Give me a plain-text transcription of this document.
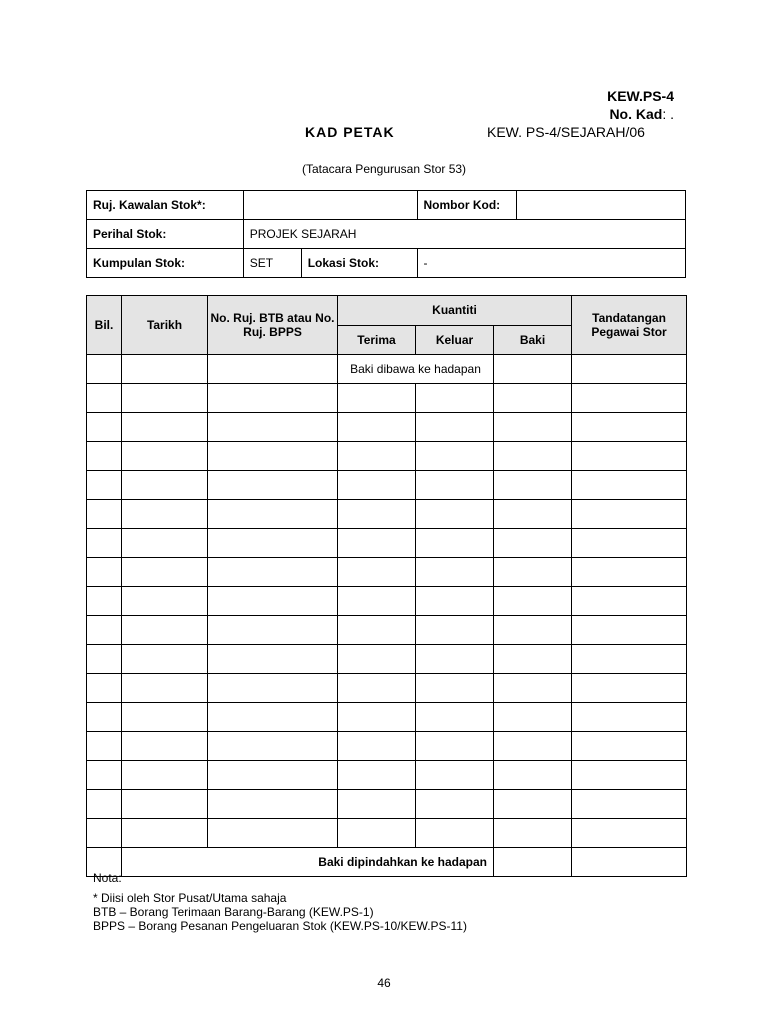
KEW.PS-4
No. Kad: .
KAD PETAK	KEW. PS-4/SEJARAH/06
(Tatacara Pengurusan Stor 53)
Ruj. Kawalan Stok*:			Nombor Kod:	
Perihal Stok:	PROJEK SEJARAH			
Kumpulan Stok:	SET	Lokasi Stok:	-	
Bil.	Tarikh	No. Ruj. BTB atau No. Ruj. BPPS	Kuantiti			Tandatangan Pegawai Stor
			Terima	Keluar	Baki	
			Baki dibawa ke hadapan			

	Baki dipindahkan ke hadapan					
Nota:
* Diisi oleh Stor Pusat/Utama sahaja
BTB – Borang Terimaan Barang-Barang (KEW.PS-1)
BPPS – Borang Pesanan Pengeluaran Stok (KEW.PS-10/KEW.PS-11)
46
